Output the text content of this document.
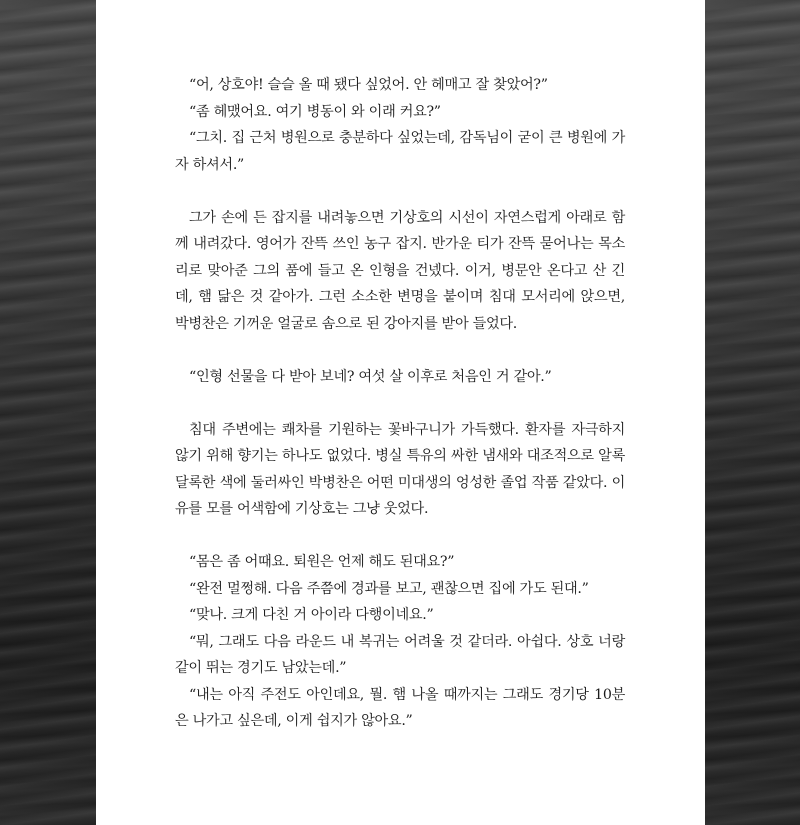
“어, 상호야! 슬슬 올 때 됐다 싶었어. 안 헤매고 잘 찾았어?”

“좀 헤맸어요. 여기 병동이 와 이래 커요?”

“그치. 집 근처 병원으로 충분하다 싶었는데, 감독님이 굳이 큰 병원에 가자 하셔서.”

그가 손에 든 잡지를 내려놓으면 기상호의 시선이 자연스럽게 아래로 함께 내려갔다. 영어가 잔뜩 쓰인 농구 잡지. 반가운 티가 잔뜩 묻어나는 목소리로 맞아준 그의 품에 들고 온 인형을 건넸다. 이거, 병문안 온다고 산 긴데, 햄 닮은 것 같아가. 그런 소소한 변명을 붙이며 침대 모서리에 앉으면, 박병찬은 기꺼운 얼굴로 솜으로 된 강아지를 받아 들었다.

“인형 선물을 다 받아 보네? 여섯 살 이후로 처음인 거 같아.”

침대 주변에는 쾌차를 기원하는 꽃바구니가 가득했다. 환자를 자극하지 않기 위해 향기는 하나도 없었다. 병실 특유의 싸한 냄새와 대조적으로 알록달록한 색에 둘러싸인 박병찬은 어떤 미대생의 엉성한 졸업 작품 같았다. 이유를 모를 어색함에 기상호는 그냥 웃었다.

“몸은 좀 어때요. 퇴원은 언제 해도 된대요?”

“완전 멀쩡해. 다음 주쯤에 경과를 보고, 괜찮으면 집에 가도 된대.”

“맞나. 크게 다친 거 아이라 다행이네요.”

“뭐, 그래도 다음 라운드 내 복귀는 어려울 것 같더라. 아쉽다. 상호 너랑 같이 뛰는 경기도 남았는데.”

“내는 아직 주전도 아인데요, 뭘. 햄 나올 때까지는 그래도 경기당 10분은 나가고 싶은데, 이게 쉽지가 않아요.”
